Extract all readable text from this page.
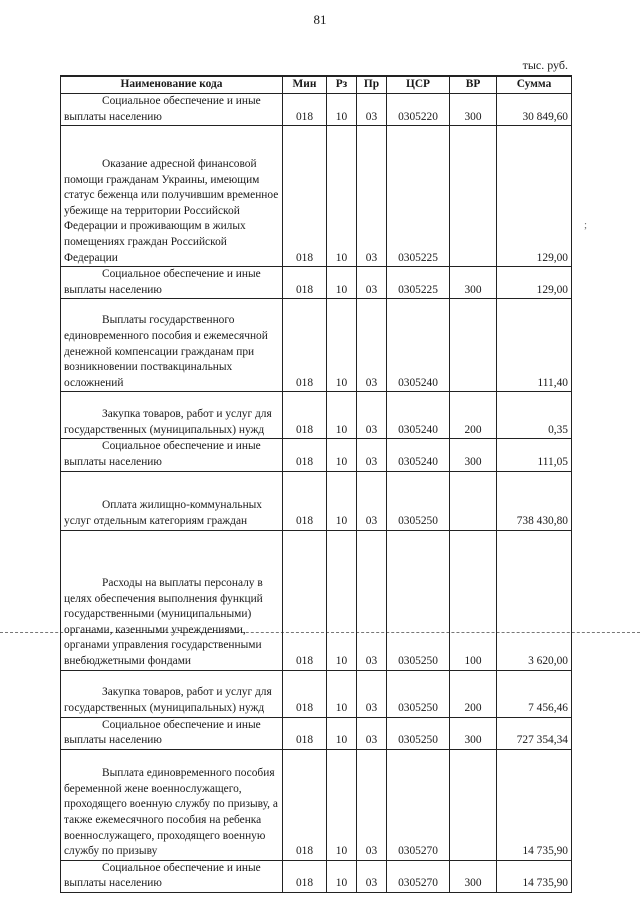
81
тыс. руб.
;
Наименование кода	Мин	Рз	Пр	ЦСР	ВР	Сумма
Социальное обеспечение и иные выплаты населению	018	10	03	0305220	300	30 849,60
Оказание адресной финансовой помощи гражданам Украины, имеющим статус беженца или получившим временное убежище на территории Российской Федерации и проживающим в жилых помещениях граждан Российской Федерации	018	10	03	0305225		129,00
Социальное обеспечение и иные выплаты населению	018	10	03	0305225	300	129,00
Выплаты государственного единовременного пособия и ежемесячной денежной компенсации гражданам при возникновении поствакцинальных осложнений	018	10	03	0305240		111,40
Закупка товаров, работ и услуг для государственных (муниципальных) нужд	018	10	03	0305240	200	0,35
Социальное обеспечение и иные выплаты населению	018	10	03	0305240	300	111,05
Оплата жилищно-коммунальных услуг отдельным категориям граждан	018	10	03	0305250		738 430,80
Расходы на выплаты персоналу в целях обеспечения выполнения функций государственными (муниципальными) органами, казенными учреждениями, органами управления государственными внебюджетными фондами	018	10	03	0305250	100	3 620,00
Закупка товаров, работ и услуг для государственных (муниципальных) нужд	018	10	03	0305250	200	7 456,46
Социальное обеспечение и иные выплаты населению	018	10	03	0305250	300	727 354,34
Выплата единовременного пособия беременной жене военнослужащего, проходящего военную службу по призыву, а также ежемесячного пособия на ребенка военнослужащего, проходящего военную службу по призыву	018	10	03	0305270		14 735,90
Социальное обеспечение и иные выплаты населению	018	10	03	0305270	300	14 735,90
